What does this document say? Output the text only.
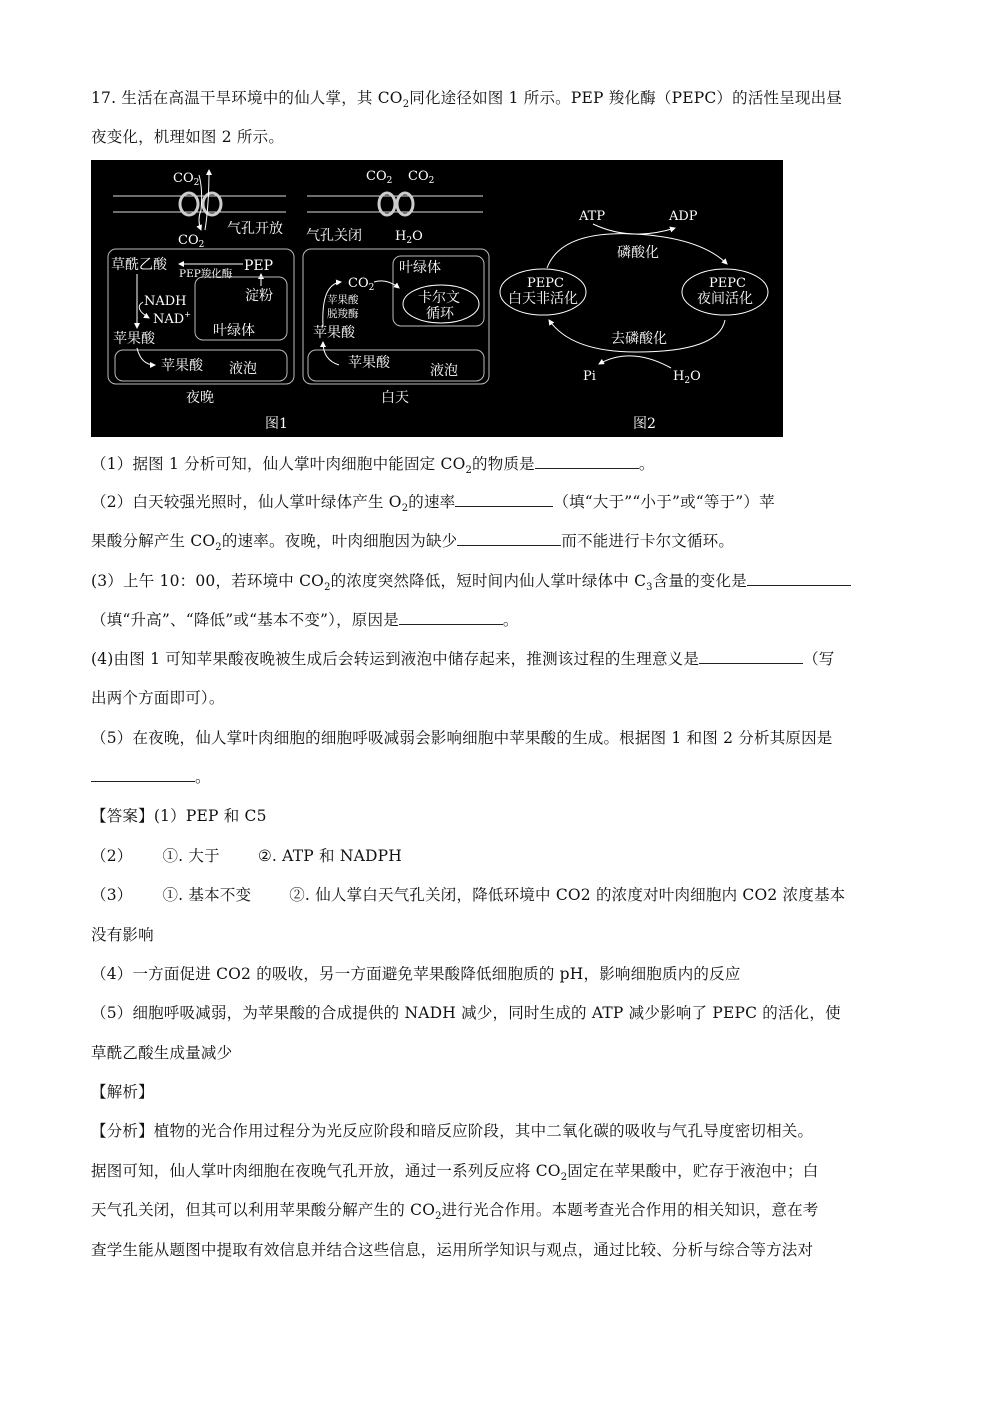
17. 生活在高温干旱环境中的仙人掌，其 $CO_2$同化途径如图 1 所示。PEP 羧化酶（PEPC）的活性呈现出昼
夜变化，机理如图 2 所示。
$CO_2$
气孔开放
$CO_2$
草酰乙酸
PEP羧化酶 PEP
淀粉
叶绿体
NADH
NAD+
苹果酸
苹果酸 液泡
夜晚
图1
$CO_2$ $CO_2$
气孔关闭	$H_2O$
叶绿体
卡尔文
循环
$CO_2$
苹果酸
脱羧酶
苹果酸
苹果酸	液泡
白天
ATP	ADP
磷酸化
PEPC
白天非活化
PEPC
夜间活化
去磷酸化
Pi	$H_2O$
图2
（1）据图 1 分析可知，仙人掌叶肉细胞中能固定 $CO_2$的物质是	。
（2）白天较强光照时，仙人掌叶绿体产生 $O_2$的速率	（填“大于”“小于”或“等于”）苹
果酸分解产生 $CO_2$的速率。夜晚，叶肉细胞因为缺少	而不能进行卡尔文循环。
(3）上午 10：00，若环境中 $CO_2$的浓度突然降低，短时间内仙人掌叶绿体中 $C_3$含量的变化是
（填“升高”、“降低”或“基本不变”），原因是	。
(4)由图 1 可知苹果酸夜晚被生成后会转运到液泡中储存起来，推测该过程的生理意义是	（写
出两个方面即可）。
（5）在夜晚，仙人掌叶肉细胞的细胞呼吸减弱会影响细胞中苹果酸的生成。根据图 1 和图 2 分析其原因是
。
【答案】(1）PEP 和 C5
（2） ①. 大于 ②. ATP 和 NADPH
（3） ①. 基本不变 ②. 仙人掌白天气孔关闭，降低环境中 CO2 的浓度对叶肉细胞内 CO2 浓度基本
没有影响
（4）一方面促进 CO2 的吸收，另一方面避免苹果酸降低细胞质的 pH，影响细胞质内的反应
（5）细胞呼吸减弱，为苹果酸的合成提供的 NADH 减少，同时生成的 ATP 减少影响了 PEPC 的活化，使
草酰乙酸生成量减少
【解析】
【分析】植物的光合作用过程分为光反应阶段和暗反应阶段，其中二氧化碳的吸收与气孔导度密切相关。
据图可知，仙人掌叶肉细胞在夜晚气孔开放，通过一系列反应将 $CO_2$固定在苹果酸中，贮存于液泡中；白
天气孔关闭，但其可以利用苹果酸分解产生的 $CO_2$进行光合作用。本题考查光合作用的相关知识，意在考
查学生能从题图中提取有效信息并结合这些信息，运用所学知识与观点，通过比较、分析与综合等方法对
